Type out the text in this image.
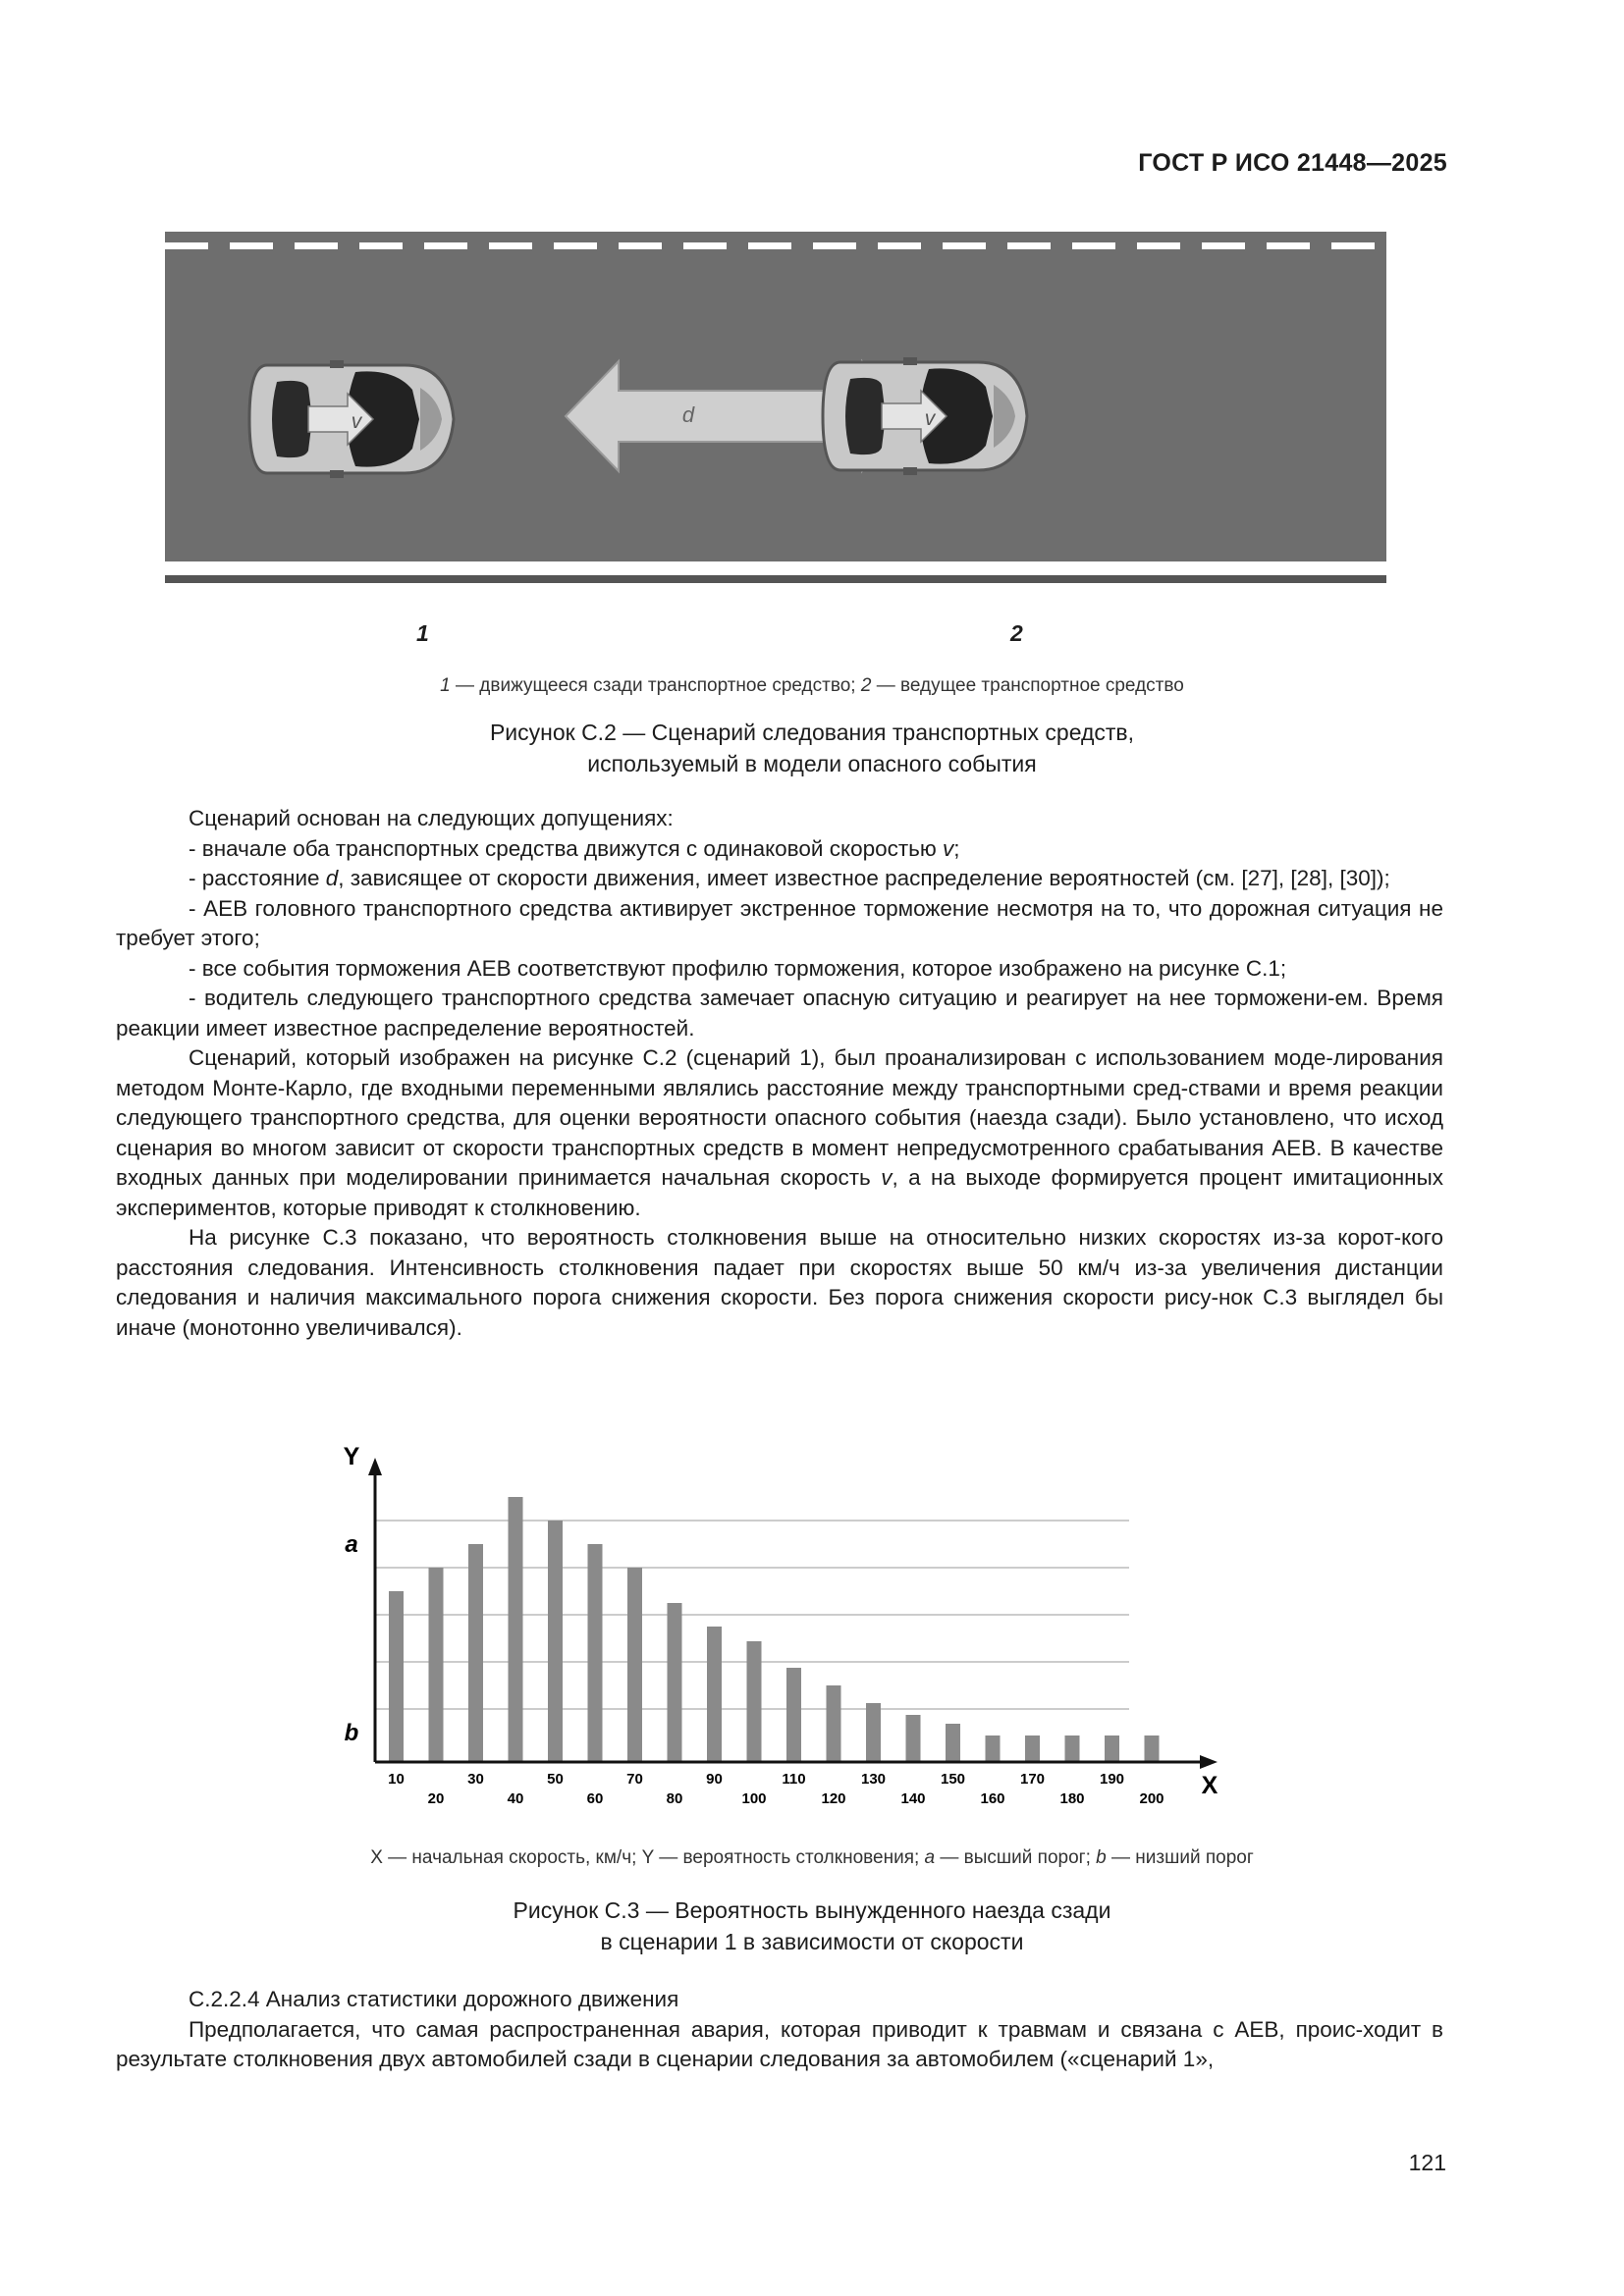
ГОСТ Р ИСО 21448—2025
v	d	v
1	2
1 — движущееся сзади транспортное средство; 2 — ведущее транспортное средство
Рисунок С.2 — Сценарий следования транспортных средств,
используемый в модели опасного события

Сценарий основан на следующих допущениях:

- вначале оба транспортных средства движутся с одинаковой скоростью v;

- расстояние d, зависящее от скорости движения, имеет известное распределение вероятностей (см. [27], [28], [30]);

- АЕВ головного транспортного средства активирует экстренное торможение несмотря на то, что дорожная ситуация не требует этого;

- все события торможения АЕВ соответствуют профилю торможения, которое изображено на рисунке С.1;

- водитель следующего транспортного средства замечает опасную ситуацию и реагирует на нее торможени-ем. Время реакции имеет известное распределение вероятностей.

Сценарий, который изображен на рисунке С.2 (сценарий 1), был проанализирован с использованием моде-лирования методом Монте-Карло, где входными переменными являлись расстояние между транспортными сред-ствами и время реакции следующего транспортного средства, для оценки вероятности опасного события (наезда сзади). Было установлено, что исход сценария во многом зависит от скорости транспортных средств в момент непредусмотренного срабатывания АЕВ. В качестве входных данных при моделировании принимается начальная скорость v, а на выходе формируется процент имитационных экспериментов, которые приводят к столкновению.

На рисунке С.3 показано, что вероятность столкновения выше на относительно низких скоростях из-за корот-кого расстояния следования. Интенсивность столкновения падает при скоростях выше 50 км/ч из-за увеличения дистанции следования и наличия максимального порога снижения скорости. Без порога снижения скорости рису-нок С.3 выглядел бы иначе (монотонно увеличивался).

Y
X
10
20
30
40
50
60
70
80
90
100
110
120
130
140
150
160
170
180
190
200
a
b
X — начальная скорость, км/ч; Y — вероятность столкновения; a — высший порог; b — низший порог
Рисунок С.3 — Вероятность вынужденного наезда сзади
в сценарии 1 в зависимости от скорости

С.2.2.4 Анализ статистики дорожного движения

Предполагается, что самая распространенная авария, которая приводит к травмам и связана с АЕВ, проис-ходит в результате столкновения двух автомобилей сзади в сценарии следования за автомобилем («сценарий 1»,

121
